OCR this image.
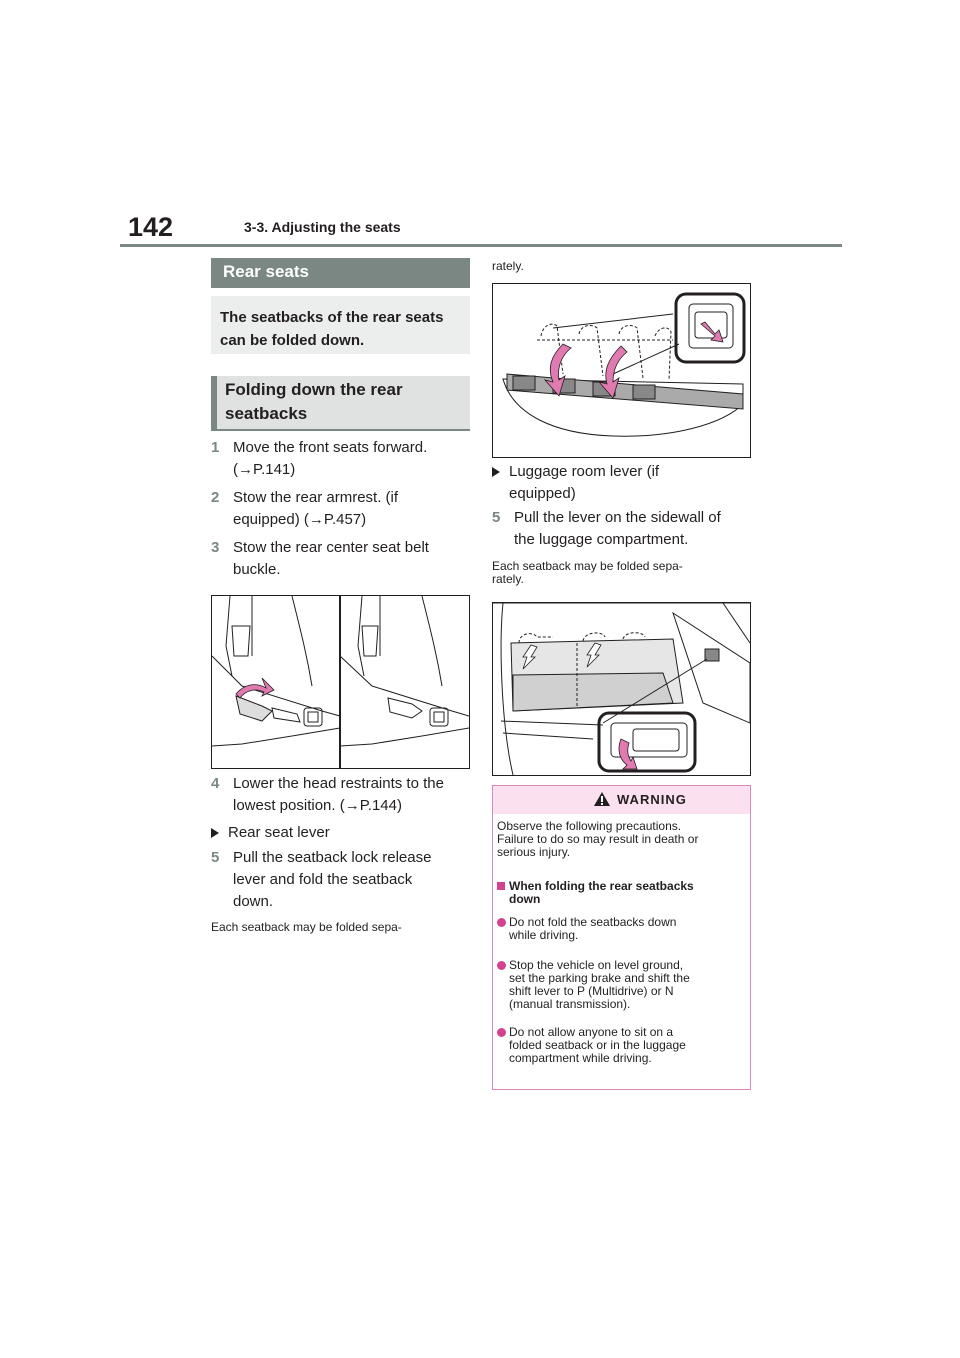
142	3-3. Adjusting the seats
Rear seats
The seatbacks of the rear seats can be folded down.
Folding down the rear seatbacks
1 Move the front seats forward.
(→P.141)
2 Stow the rear armrest. (if
equipped) (→P.457)
3 Stow the rear center seat belt
buckle.
4 Lower the head restraints to the
lowest position. (→P.144)
Rear seat lever
5 Pull the seatback lock release
lever and fold the seatback
down.
Each seatback may be folded sepa-
rately.
Luggage room lever (if
equipped)
5 Pull the lever on the sidewall of
the luggage compartment.
Each seatback may be folded sepa-
rately.
WARNING
Observe the following precautions.
Failure to do so may result in death or
serious injury.
When folding the rear seatbacks
down
Do not fold the seatbacks down
while driving.
Stop the vehicle on level ground,
set the parking brake and shift the
shift lever to P (Multidrive) or N
(manual transmission).
Do not allow anyone to sit on a
folded seatback or in the luggage
compartment while driving.
